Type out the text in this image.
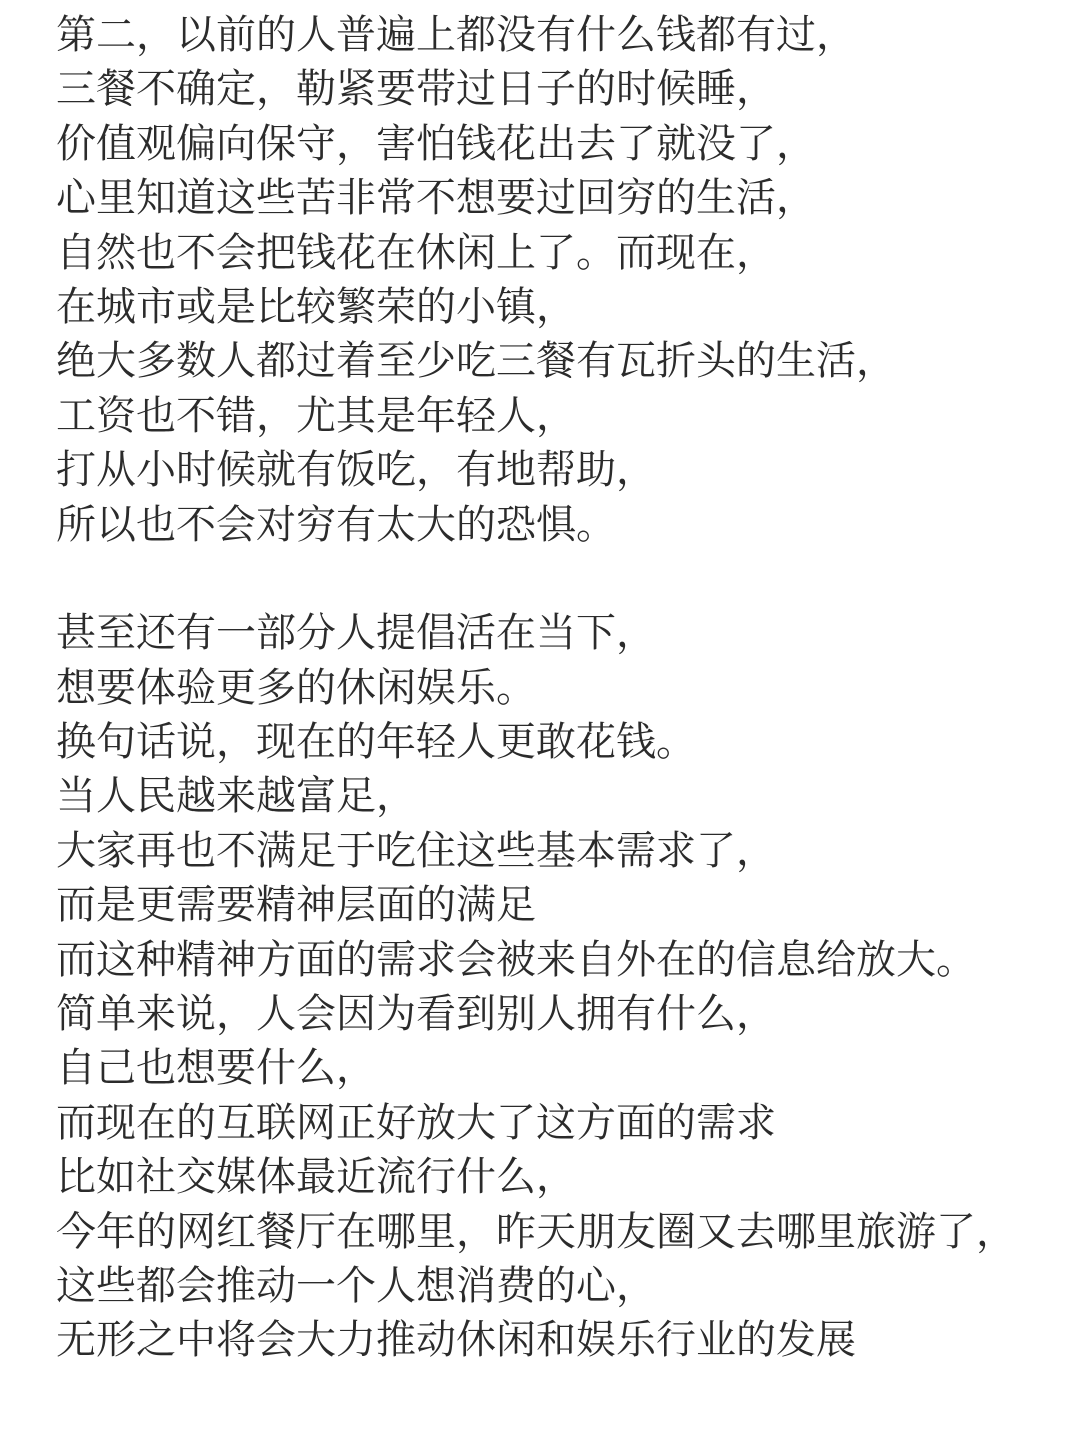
第二，以前的人普遍上都没有什么钱都有过，
三餐不确定，勒紧要带过日子的时候睡，
价值观偏向保守，害怕钱花出去了就没了，
心里知道这些苦非常不想要过回穷的生活，
自然也不会把钱花在休闲上了。而现在，
在城市或是比较繁荣的小镇，
绝大多数人都过着至少吃三餐有瓦折头的生活，
工资也不错，尤其是年轻人，
打从小时候就有饭吃，有地帮助，
所以也不会对穷有太大的恐惧。
甚至还有一部分人提倡活在当下，
想要体验更多的休闲娱乐。
换句话说，现在的年轻人更敢花钱。
当人民越来越富足，
大家再也不满足于吃住这些基本需求了，
而是更需要精神层面的满足
而这种精神方面的需求会被来自外在的信息给放大。
简单来说，人会因为看到别人拥有什么，
自己也想要什么，
而现在的互联网正好放大了这方面的需求
比如社交媒体最近流行什么，
今年的网红餐厅在哪里，昨天朋友圈又去哪里旅游了，
这些都会推动一个人想消费的心，
无形之中将会大力推动休闲和娱乐行业的发展
